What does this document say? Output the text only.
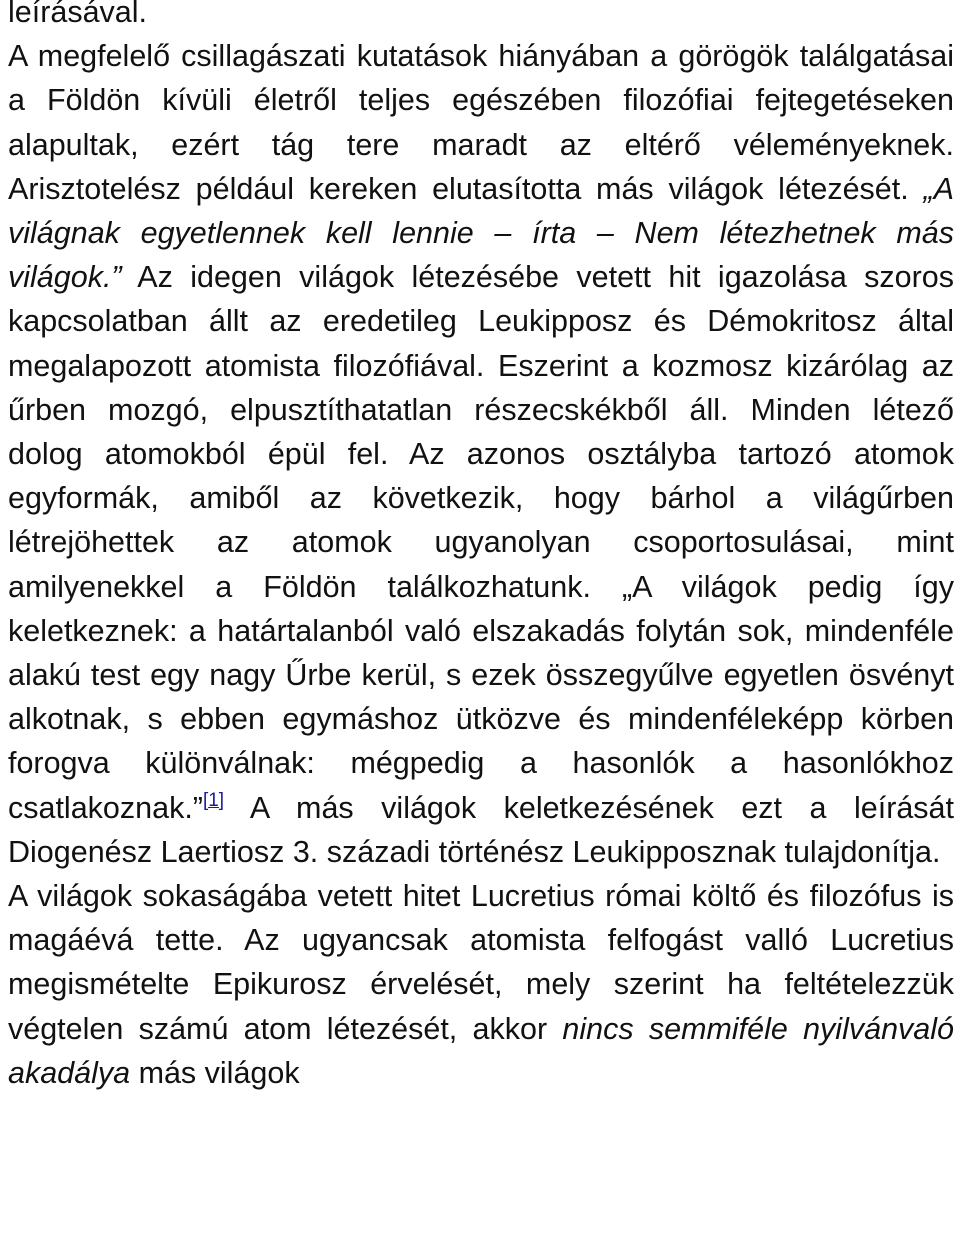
leírásával.

A megfelelő csillagászati kutatások hiányában a görögök találgatásai a Földön kívüli életről teljes egészében filozófiai fejtegetéseken alapultak, ezért tág tere maradt az eltérő véleményeknek. Arisztotelész például kereken elutasította más világok létezését. „A világnak egyetlennek kell lennie – írta – Nem létezhetnek más világok.” Az idegen világok létezésébe vetett hit igazolása szoros kapcsolatban állt az eredetileg Leukipposz és Démokritosz által megalapozott atomista filozófiával. Eszerint a kozmosz kizárólag az űrben mozgó, elpusztíthatatlan részecskékből áll. Minden létező dolog atomokból épül fel. Az azonos osztályba tartozó atomok egyformák, amiből az következik, hogy bárhol a világűrben létrejöhettek az atomok ugyanolyan csoportosulásai, mint amilyenekkel a Földön találkozhatunk. „A világok pedig így keletkeznek: a határtalanból való elszakadás folytán sok, mindenféle alakú test egy nagy Űrbe kerül, s ezek összegyűlve egyetlen ösvényt alkotnak, s ebben egymáshoz ütközve és mindenféleképp körben forogva különválnak: mégpedig a hasonlók a hasonlókhoz csatlakoznak.”[1] A más világok keletkezésének ezt a leírását Diogenész Laertiosz 3. századi történész Leukipposznak tulajdonítja.

A világok sokaságába vetett hitet Lucretius római költő és filozófus is magáévá tette. Az ugyancsak atomista felfogást valló Lucretius megismételte Epikurosz érvelését, mely szerint ha feltételezzük végtelen számú atom létezését, akkor nincs semmiféle nyilvánvaló akadálya más világok
